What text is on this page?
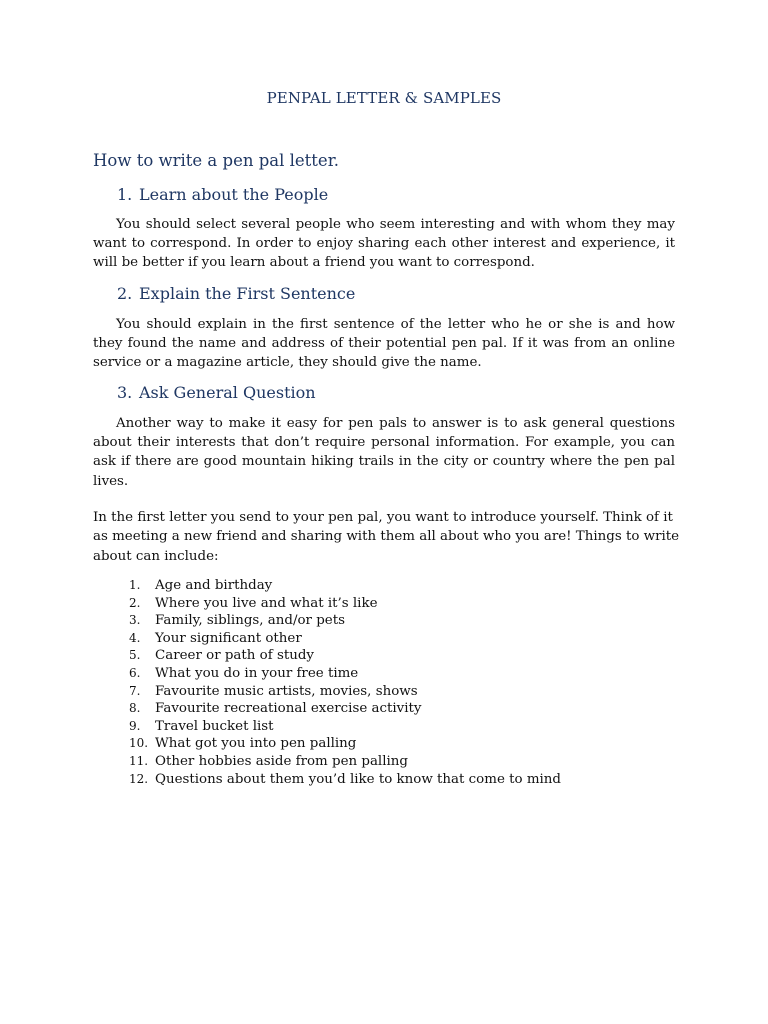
PENPAL LETTER & SAMPLES
How to write a pen pal letter.
1. Learn about the People

You should select several people who seem interesting and with whom they may want to correspond. In order to enjoy sharing each other interest and experience, it will be better if you learn about a friend you want to correspond.

2. Explain the First Sentence

You should explain in the first sentence of the letter who he or she is and how they found the name and address of their potential pen pal. If it was from an online service or a magazine article, they should give the name.

3. Ask General Question

Another way to make it easy for pen pals to answer is to ask general questions about their interests that don’t require personal information. For example, you can ask if there are good mountain hiking trails in the city or country where the pen pal lives.

In the first letter you send to your pen pal, you want to introduce yourself. Think of it as meeting a new friend and sharing with them all about who you are! Things to write about can include:

1. Age and birthday
2. Where you live and what it’s like
3. Family, siblings, and/or pets
4. Your significant other
5. Career or path of study
6. What you do in your free time
7. Favourite music artists, movies, shows
8. Favourite recreational exercise activity
9. Travel bucket list
10. What got you into pen palling
11. Other hobbies aside from pen palling
12. Questions about them you’d like to know that come to mind
